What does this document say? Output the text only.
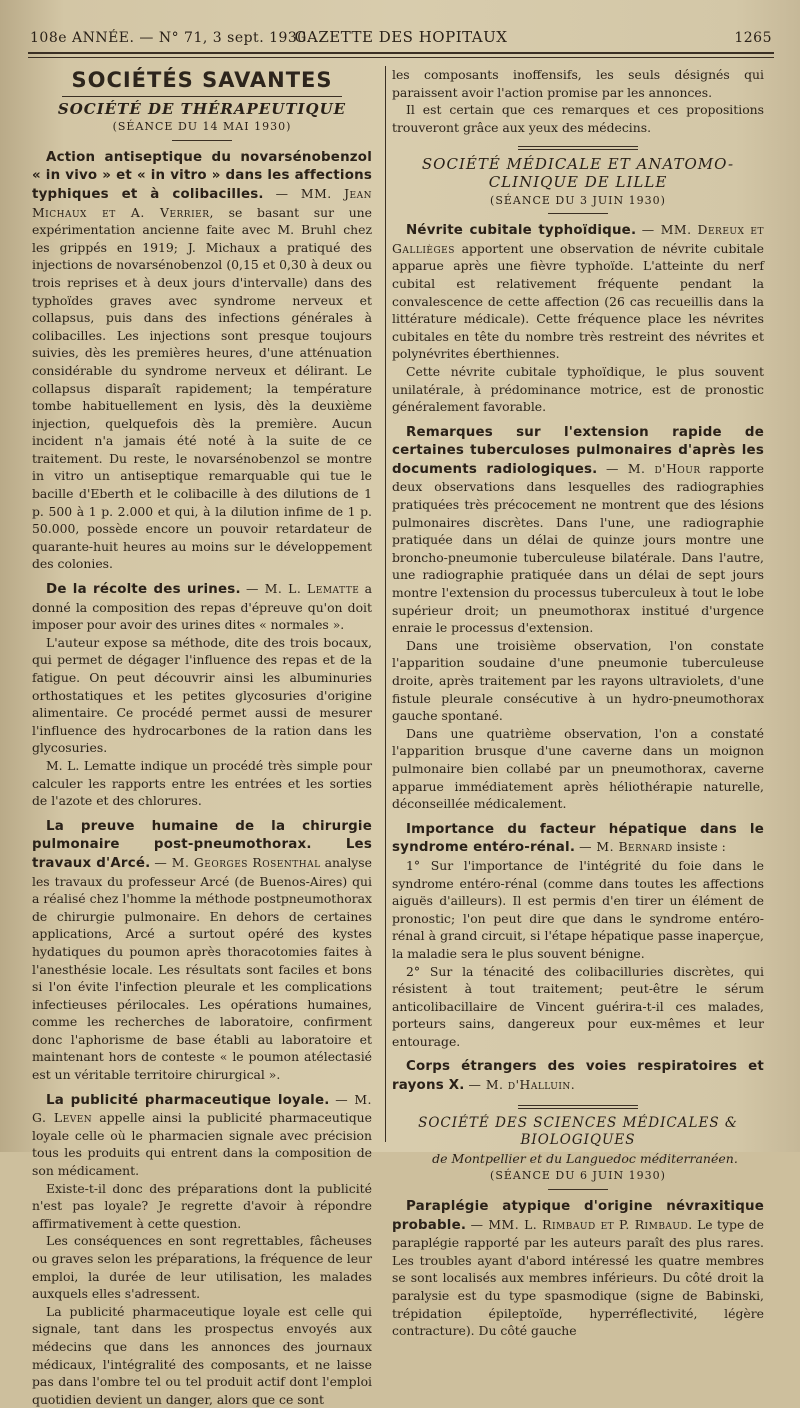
108e ANNÉE. — N° 71, 3 sept. 1930.
GAZETTE DES HOPITAUX	1265
SOCIÉTÉS SAVANTES

SOCIÉTÉ DE THÉRAPEUTIQUE

(SÉANCE DU 14 MAI 1930)

Action antiseptique du novarsénobenzol « in vivo » et « in vitro » dans les affections typhiques et à colibacilles. — MM. Jean Michaux et A. Verrier, se basant sur une expérimentation ancienne faite avec M. Bruhl chez les grippés en 1919; J. Michaux a pratiqué des injections de novarsénobenzol (0,15 et 0,30 à deux ou trois reprises et à deux jours d'intervalle) dans des typhoïdes graves avec syndrome nerveux et collapsus, puis dans des infections générales à colibacilles. Les injections sont presque toujours suivies, dès les premières heures, d'une atténuation considérable du syndrome nerveux et délirant. Le collapsus disparaît rapidement; la température tombe habituellement en lysis, dès la deuxième injection, quelquefois dès la première. Aucun incident n'a jamais été noté à la suite de ce traitement. Du reste, le novarsénobenzol se montre in vitro un antiseptique remarquable qui tue le bacille d'Eberth et le colibacille à des dilutions de 1 p. 500 à 1 p. 2.000 et qui, à la dilution infime de 1 p. 50.000, possède encore un pouvoir retardateur de quarante-huit heures au moins sur le développement des colonies.

De la récolte des urines. — M. L. Lematte a donné la composition des repas d'épreuve qu'on doit imposer pour avoir des urines dites « normales ».

L'auteur expose sa méthode, dite des trois bocaux, qui permet de dégager l'influence des repas et de la fatigue. On peut découvrir ainsi les albuminuries orthostatiques et les petites glycosuries d'origine alimentaire. Ce procédé permet aussi de mesurer l'influence des hydrocarbones de la ration dans les glycosuries.

M. L. Lematte indique un procédé très simple pour calculer les rapports entre les entrées et les sorties de l'azote et des chlorures.

La preuve humaine de la chirurgie pulmonaire post-pneumothorax. Les travaux d'Arcé. — M. Georges Rosenthal analyse les travaux du professeur Arcé (de Buenos-Aires) qui a réalisé chez l'homme la méthode postpneumothorax de chirurgie pulmonaire. En dehors de certaines applications, Arcé a surtout opéré des kystes hydatiques du poumon après thoracotomies faites à l'anesthésie locale. Les résultats sont faciles et bons si l'on évite l'infection pleurale et les complications infectieuses périlocales. Les opérations humaines, comme les recherches de laboratoire, confirment donc l'aphorisme de base établi au laboratoire et maintenant hors de conteste « le poumon atélectasié est un véritable territoire chirurgical ».

La publicité pharmaceutique loyale. — M. G. Leven appelle ainsi la publicité pharmaceutique loyale celle où le pharmacien signale avec précision tous les produits qui entrent dans la composition de son médicament.

Existe-t-il donc des préparations dont la publicité n'est pas loyale? Je regrette d'avoir à répondre affirmativement à cette question.

Les conséquences en sont regrettables, fâcheuses ou graves selon les préparations, la fréquence de leur emploi, la durée de leur utilisation, les malades auxquels elles s'adressent.

La publicité pharmaceutique loyale est celle qui signale, tant dans les prospectus envoyés aux médecins que dans les annonces des journaux médicaux, l'intégralité des composants, et ne laisse pas dans l'ombre tel ou tel produit actif dont l'emploi quotidien devient un danger, alors que ce sont

les composants inoffensifs, les seuls désignés qui paraissent avoir l'action promise par les annonces.

Il est certain que ces remarques et ces propositions trouveront grâce aux yeux des médecins.

SOCIÉTÉ MÉDICALE ET ANATOMO-CLINIQUE DE LILLE

(SÉANCE DU 3 JUIN 1930)

Névrite cubitale typhoïdique. — MM. Dereux et Gallièges apportent une observation de névrite cubitale apparue après une fièvre typhoïde. L'atteinte du nerf cubital est relativement fréquente pendant la convalescence de cette affection (26 cas recueillis dans la littérature médicale). Cette fréquence place les névrites cubitales en tête du nombre très restreint des névrites et polynévrites éberthiennes.

Cette névrite cubitale typhoïdique, le plus souvent unilatérale, à prédominance motrice, est de pronostic généralement favorable.

Remarques sur l'extension rapide de certaines tuberculoses pulmonaires d'après les documents radiologiques. — M. d'Hour rapporte deux observations dans lesquelles des radiographies pratiquées très précocement ne montrent que des lésions pulmonaires discrètes. Dans l'une, une radiographie pratiquée dans un délai de quinze jours montre une broncho-pneumonie tuberculeuse bilatérale. Dans l'autre, une radiographie pratiquée dans un délai de sept jours montre l'extension du processus tuberculeux à tout le lobe supérieur droit; un pneumothorax institué d'urgence enraie le processus d'extension.

Dans une troisième observation, l'on constate l'apparition soudaine d'une pneumonie tuberculeuse droite, après traitement par les rayons ultraviolets, d'une fistule pleurale consécutive à un hydro-pneumothorax gauche spontané.

Dans une quatrième observation, l'on a constaté l'apparition brusque d'une caverne dans un moignon pulmonaire bien collabé par un pneumothorax, caverne apparue immédiatement après héliothérapie naturelle, déconseillée médicalement.

Importance du facteur hépatique dans le syndrome entéro-rénal. — M. Bernard insiste :

1° Sur l'importance de l'intégrité du foie dans le syndrome entéro-rénal (comme dans toutes les affections aiguës d'ailleurs). Il est permis d'en tirer un élément de pronostic; l'on peut dire que dans le syndrome entéro-rénal à grand circuit, si l'étape hépatique passe inaperçue, la maladie sera le plus souvent bénigne.

2° Sur la ténacité des colibacilluries discrètes, qui résistent à tout traitement; peut-être le sérum anticolibacillaire de Vincent guérira-t-il ces malades, porteurs sains, dangereux pour eux-mêmes et leur entourage.

Corps étrangers des voies respiratoires et rayons X. — M. d'Halluin.

SOCIÉTÉ DES SCIENCES MÉDICALES & BIOLOGIQUES

de Montpellier et du Languedoc méditerranéen.

(SÉANCE DU 6 JUIN 1930)

Paraplégie atypique d'origine névraxitique probable. — MM. L. Rimbaud et P. Rimbaud. Le type de paraplégie rapporté par les auteurs paraît des plus rares. Les troubles ayant d'abord intéressé les quatre membres se sont localisés aux membres inférieurs. Du côté droit la paralysie est du type spasmodique (signe de Babinski, trépidation épileptoïde, hyperréflectivité, légère contracture). Du côté gauche
